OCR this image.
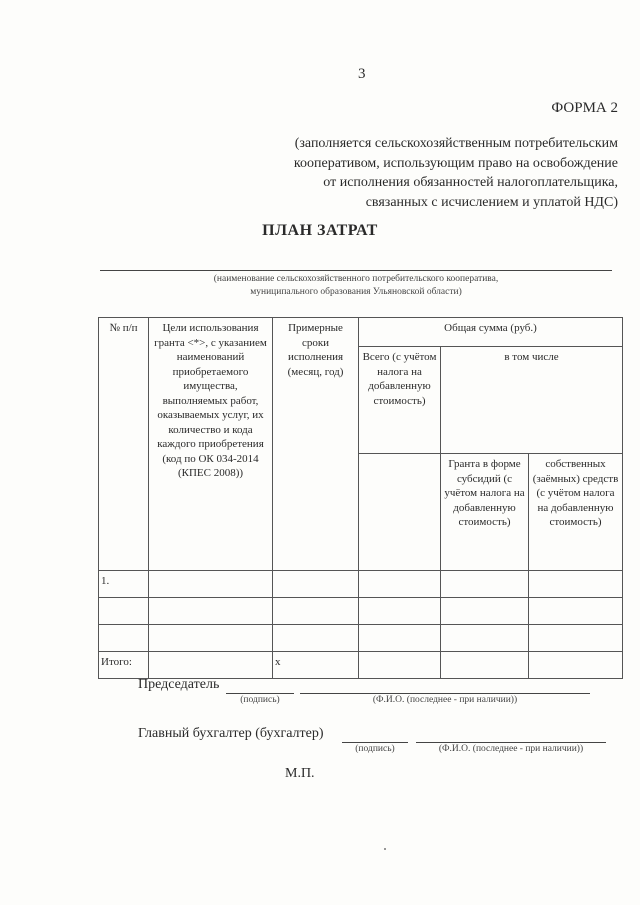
3
ФОРМА 2
(заполняется сельскохозяйственным потребительским
кооперативом, использующим право на освобождение
от исполнения обязанностей налогоплательщика,
связанных с исчислением и уплатой НДС)
ПЛАН ЗАТРАТ
(наименование сельскохозяйственного потребительского кооператива,
муниципального образования Ульяновской области)
№ п/п	Цели использования гранта <*>, с указанием наименований приобретаемого имущества, выполняемых работ, оказываемых услуг, их количество и кода каждого приобретения (код по ОК 034-2014 (КПЕС 2008))	Примерные сроки исполнения (месяц, год)	Общая сумма (руб.)		
			Всего (с учётом налога на добавленную стоимость)	в том числе	
				Гранта в форме субсидий (с учётом налога на добавленную стоимость)	собственных (заёмных) средств (с учётом налога на добавленную стоимость)
1.					

Итого:		x			
Председатель
(подпись)	(Ф.И.О. (последнее - при наличии))
Главный бухгалтер (бухгалтер)
(подпись)	(Ф.И.О. (последнее - при наличии))
М.П.
